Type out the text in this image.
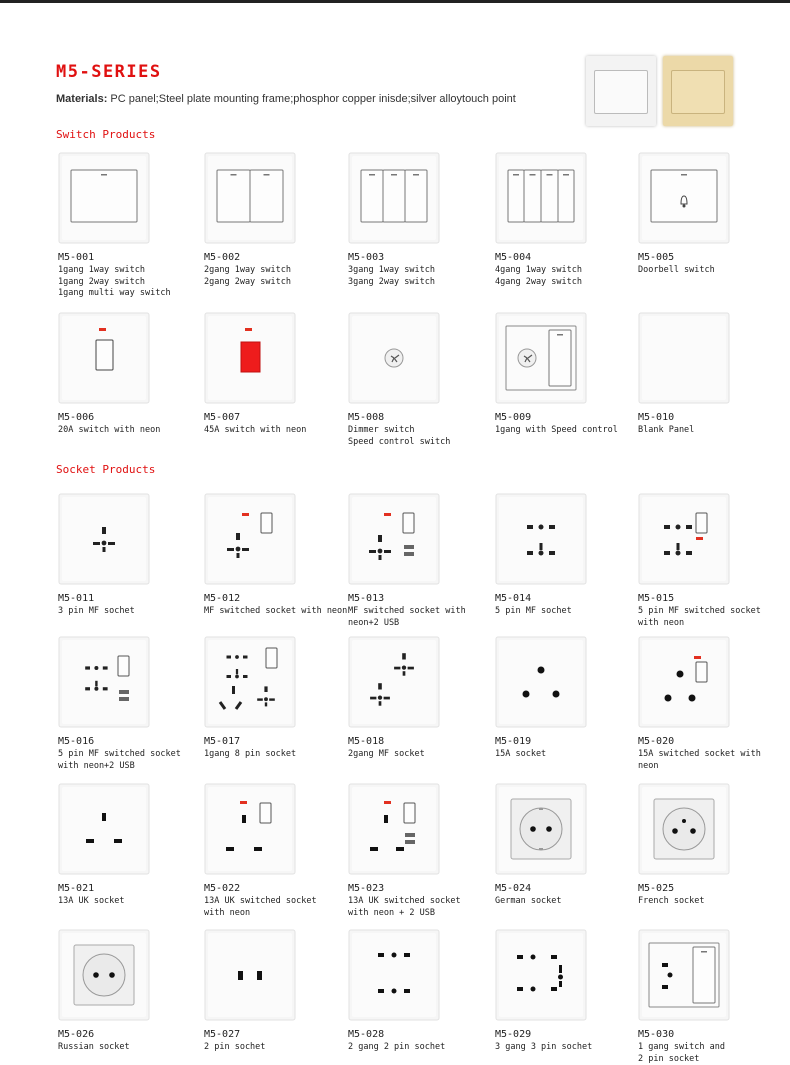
M5-SERIES
Materials: PC panel;Steel plate mounting frame;phosphor copper inisde;silver alloytouch point
Switch Products
Socket Products
M5-001
1gang 1way switch
1gang 2way switch
1gang multi way switch
M5-002
2gang 1way switch
2gang 2way switch
M5-003
3gang 1way switch
3gang 2way switch
M5-004
4gang 1way switch
4gang 2way switch
M5-005
Doorbell switch
M5-006
20A switch with neon
M5-007
45A switch with neon
M5-008
Dimmer switch
Speed control switch
M5-009
1gang with Speed control
M5-010
Blank Panel
M5-011
3 pin MF sochet
M5-012
MF switched socket with neon
M5-013
MF switched socket with
neon+2 USB
M5-014
5 pin MF sochet
M5-015
5 pin MF switched socket
with neon
M5-016
5 pin MF switched socket
with neon+2 USB
M5-017
1gang 8 pin socket
M5-018
2gang MF socket
M5-019
15A socket
M5-020
15A switched socket with neon
M5-021
13A UK socket
M5-022
13A UK switched socket
with neon
M5-023
13A UK switched socket
with neon + 2 USB
M5-024
German socket
M5-025
French socket
M5-026
Russian socket
M5-027
2 pin sochet
M5-028
2 gang 2 pin sochet
M5-029
3 gang 3 pin sochet
M5-030
1 gang switch and
2 pin socket
